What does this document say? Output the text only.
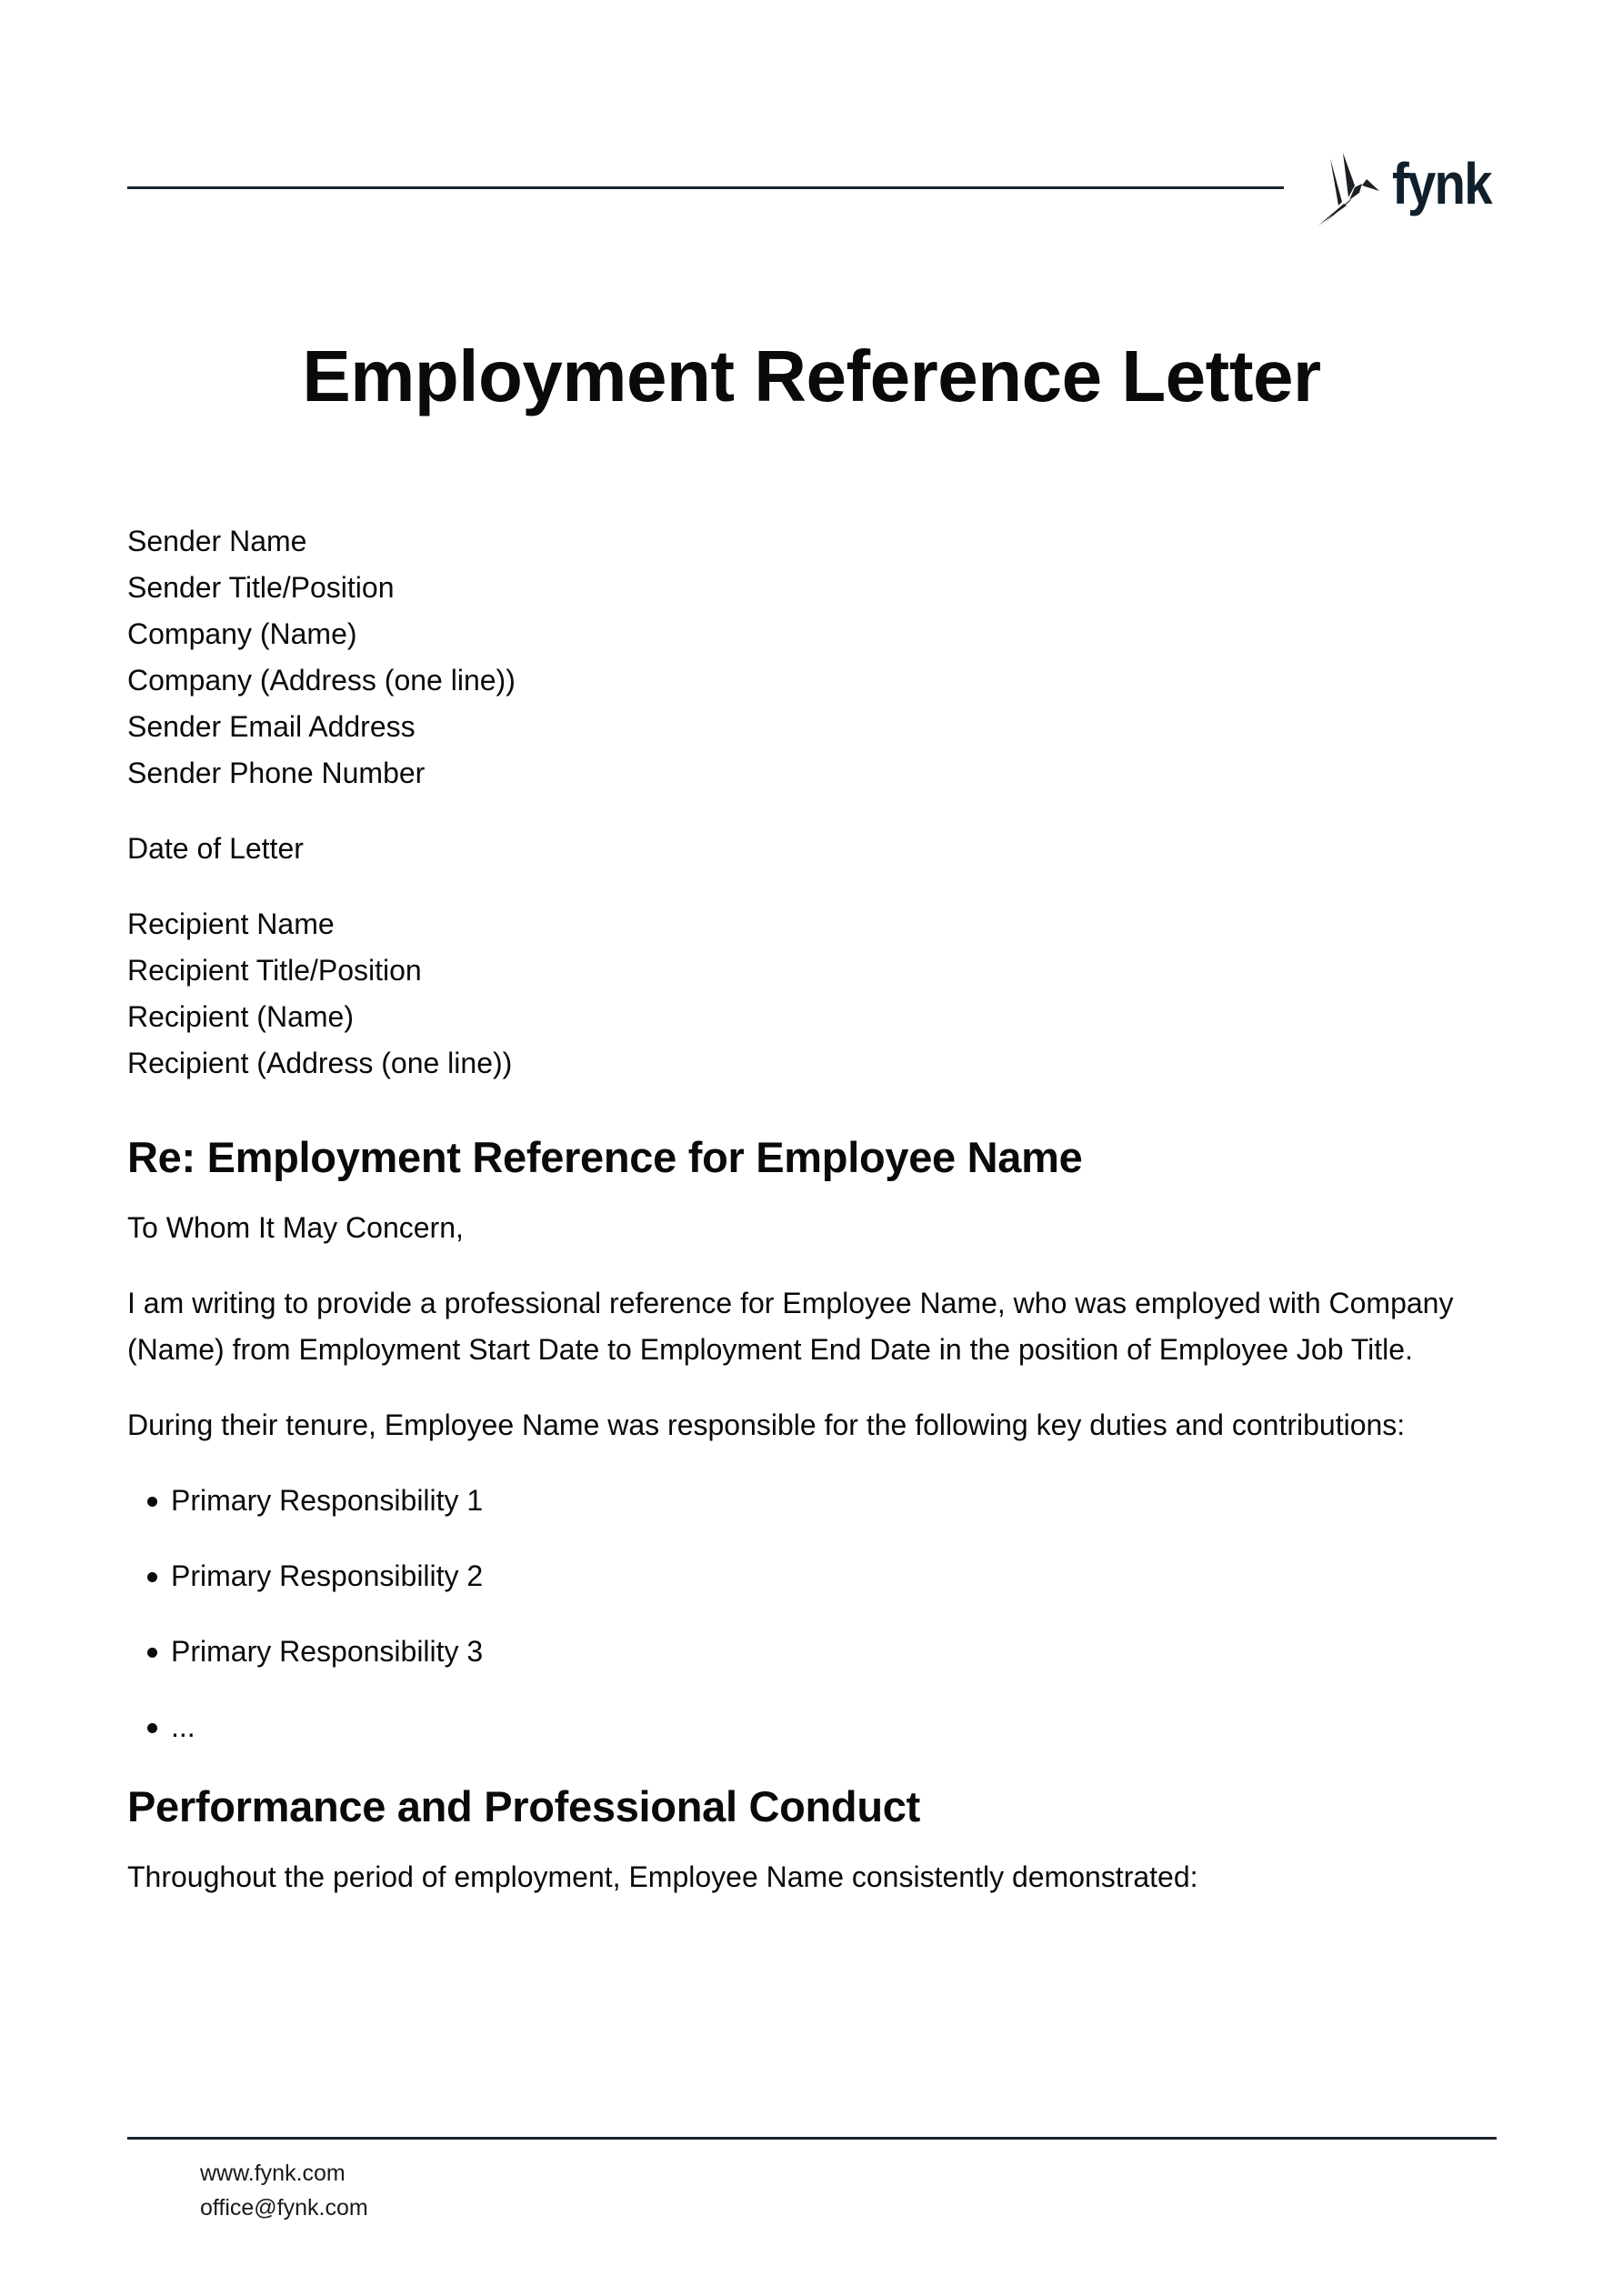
fynk
Employment Reference Letter
Sender Name
Sender Title/Position
Company (Name)
Company (Address (one line))
Sender Email Address
Sender Phone Number
Date of Letter
Recipient Name
Recipient Title/Position
Recipient (Name)
Recipient (Address (one line))
Re: Employment Reference for Employee Name

To Whom It May Concern,

I am writing to provide a professional reference for Employee Name, who was employed with Company (Name) from Employment Start Date to Employment End Date in the position of Employee Job Title.

During their tenure, Employee Name was responsible for the following key duties and contributions:

Primary Responsibility 1
Primary Responsibility 2
Primary Responsibility 3
...
Performance and Professional Conduct

Throughout the period of employment, Employee Name consistently demonstrated:

www.fynk.com
office@fynk.com
